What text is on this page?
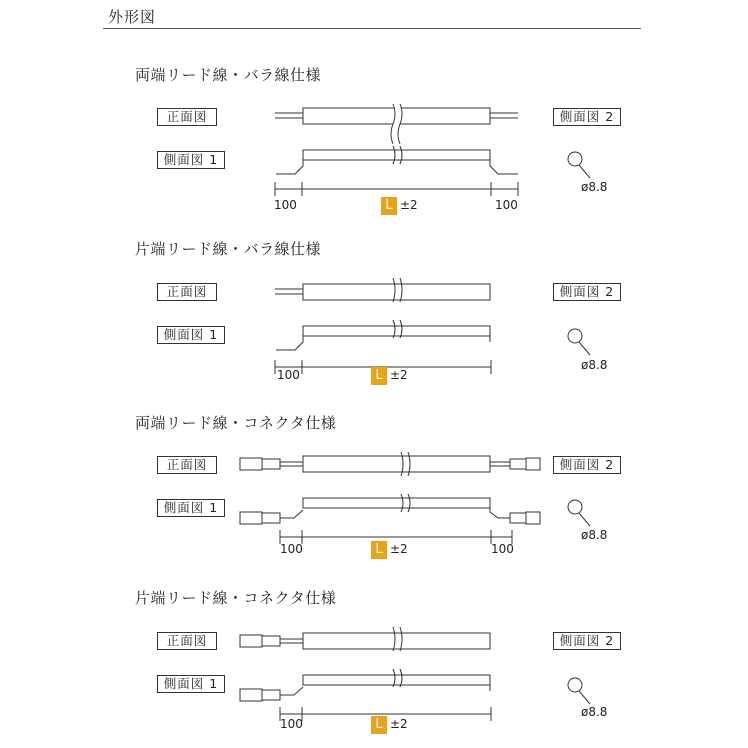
外形図
両端リード線・バラ線仕様
正面図	側面図 2
側面図 1
100	L ±2	100
ø8.8
片端リード線・バラ線仕様
正面図	側面図 2
側面図 1
100	L ±2
ø8.8
両端リード線・コネクタ仕様
正面図	側面図 2
側面図 1
100	L ±2	100
ø8.8
片端リード線・コネクタ仕様
正面図	側面図 2
側面図 1
100	L ±2
ø8.8
